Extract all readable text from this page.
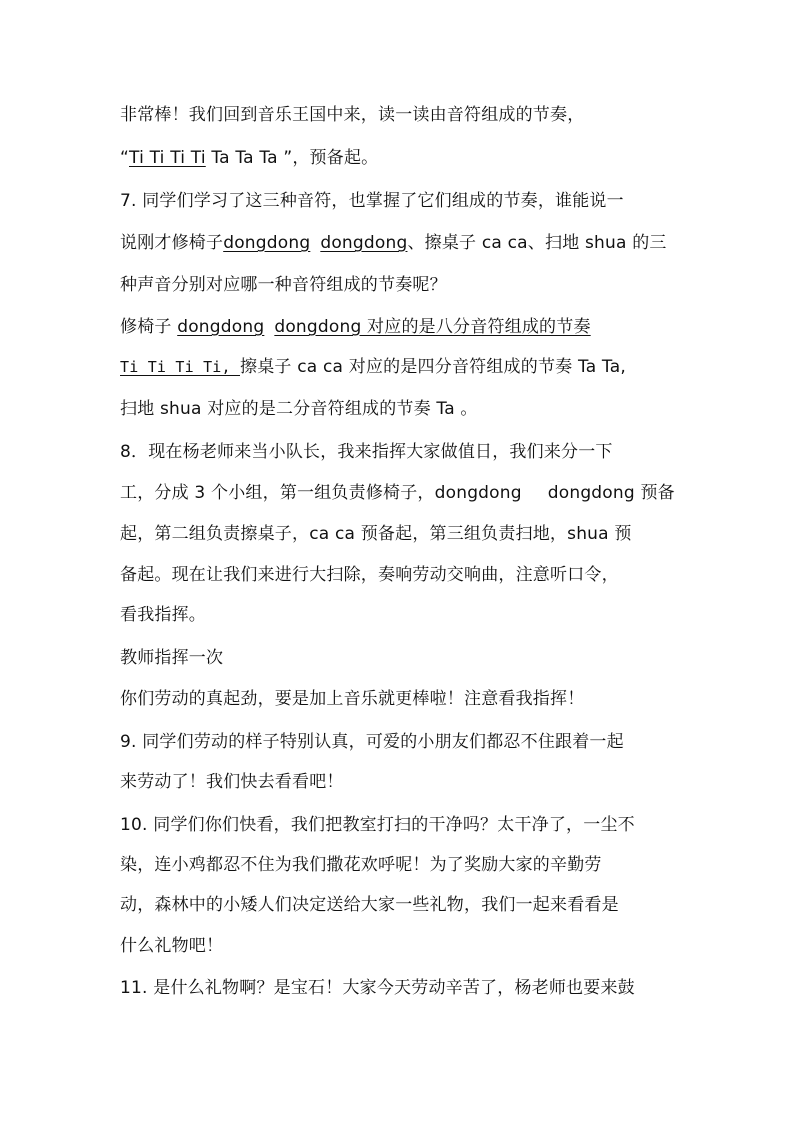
非常棒！我们回到音乐王国中来，读一读由音符组成的节奏，
“Ti Ti Ti Ti Ta Ta Ta ”，预备起。
7. 同学们学习了这三种音符，也掌握了它们组成的节奏，谁能说一
说刚才修椅子dongdong dongdong、擦桌子 ca ca、扫地 shua 的三
种声音分别对应哪一种音符组成的节奏呢？
修椅子 dongdong dongdong 对应的是八分音符组成的节奏
Ti Ti Ti Ti, 擦桌子 ca ca 对应的是四分音符组成的节奏 Ta Ta,
扫地 shua 对应的是二分音符组成的节奏 Ta 。
8．现在杨老师来当小队长，我来指挥大家做值日，我们来分一下
工，分成 3 个小组，第一组负责修椅子，dongdong dongdong 预备
起，第二组负责擦桌子，ca ca 预备起，第三组负责扫地，shua 预
备起。现在让我们来进行大扫除，奏响劳动交响曲，注意听口令，
看我指挥。
教师指挥一次
你们劳动的真起劲，要是加上音乐就更棒啦！注意看我指挥！
9. 同学们劳动的样子特别认真，可爱的小朋友们都忍不住跟着一起
来劳动了！我们快去看看吧！
10. 同学们你们快看，我们把教室打扫的干净吗？太干净了，一尘不
染，连小鸡都忍不住为我们撒花欢呼呢！为了奖励大家的辛勤劳
动，森林中的小矮人们决定送给大家一些礼物，我们一起来看看是
什么礼物吧！
11. 是什么礼物啊？是宝石！大家今天劳动辛苦了，杨老师也要来鼓
